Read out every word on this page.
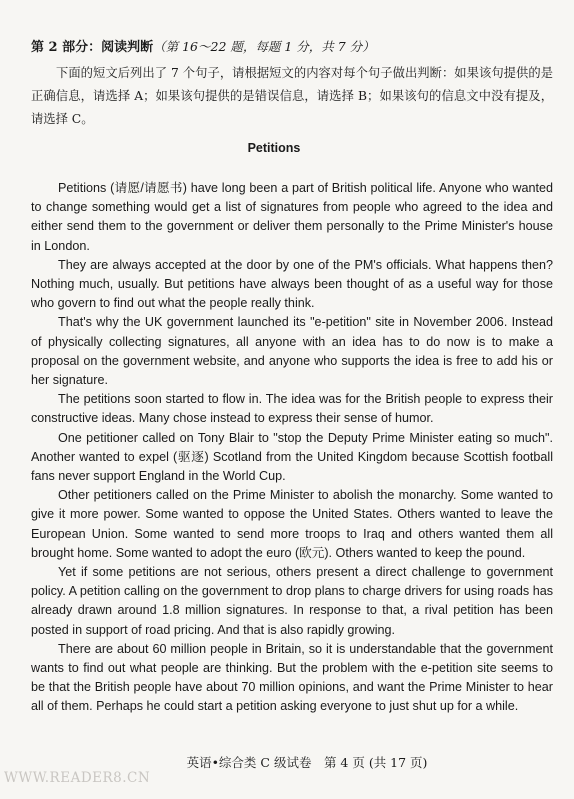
第 2 部分：阅读判断（第 16～22 题，每题 1 分，共 7 分）
下面的短文后列出了 7 个句子，请根据短文的内容对每个句子做出判断：如果该句提供的是正确信息，请选择 A；如果该句提供的是错误信息，请选择 B；如果该句的信息文中没有提及，请选择 C。
Petitions

Petitions (请愿/请愿书) have long been a part of British political life. Anyone who wanted to change something would get a list of signatures from people who agreed to the idea and either send them to the government or deliver them personally to the Prime Minister's house in London.

They are always accepted at the door by one of the PM's officials. What happens then? Nothing much, usually. But petitions have always been thought of as a useful way for those who govern to find out what the people really think.

That's why the UK government launched its "e-petition" site in November 2006. Instead of physically collecting signatures, all anyone with an idea has to do now is to make a proposal on the government website, and anyone who supports the idea is free to add his or her signature.

The petitions soon started to flow in. The idea was for the British people to express their constructive ideas. Many chose instead to express their sense of humor.

One petitioner called on Tony Blair to "stop the Deputy Prime Minister eating so much". Another wanted to expel (驱逐) Scotland from the United Kingdom because Scottish football fans never support England in the World Cup.

Other petitioners called on the Prime Minister to abolish the monarchy. Some wanted to give it more power. Some wanted to oppose the United States. Others wanted to leave the European Union. Some wanted to send more troops to Iraq and others wanted them all brought home. Some wanted to adopt the euro (欧元). Others wanted to keep the pound.

Yet if some petitions are not serious, others present a direct challenge to government policy. A petition calling on the government to drop plans to charge drivers for using roads has already drawn around 1.8 million signatures. In response to that, a rival petition has been posted in support of road pricing. And that is also rapidly growing.

There are about 60 million people in Britain, so it is understandable that the government wants to find out what people are thinking. But the problem with the e-petition site seems to be that the British people have about 70 million opinions, and want the Prime Minister to hear all of them. Perhaps he could start a petition asking everyone to just shut up for a while.

英语•综合类 C 级试卷　第 4 页 (共 17 页)
WWW.READER8.CN
